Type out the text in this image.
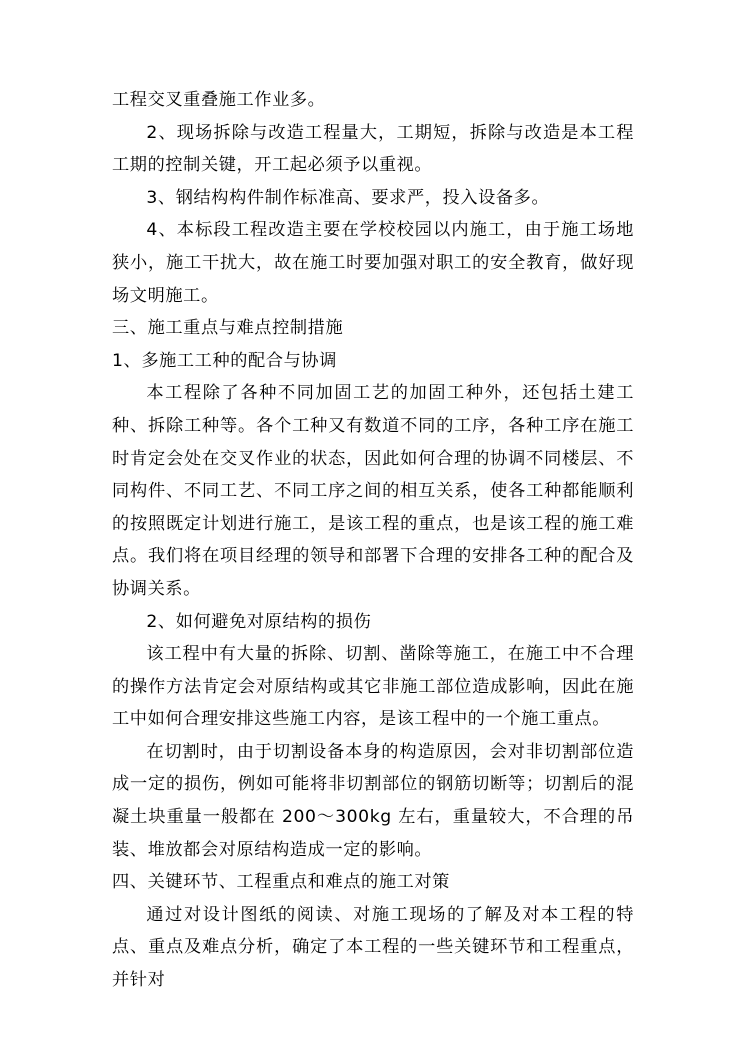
工程交叉重叠施工作业多。

2、现场拆除与改造工程量大，工期短，拆除与改造是本工程工期的控制关键，开工起必须予以重视。

3、钢结构构件制作标准高、要求严，投入设备多。

4、本标段工程改造主要在学校校园以内施工，由于施工场地狭小，施工干扰大，故在施工时要加强对职工的安全教育，做好现场文明施工。

三、施工重点与难点控制措施

1、多施工工种的配合与协调

本工程除了各种不同加固工艺的加固工种外，还包括土建工种、拆除工种等。各个工种又有数道不同的工序，各种工序在施工时肯定会处在交叉作业的状态，因此如何合理的协调不同楼层、不同构件、不同工艺、不同工序之间的相互关系，使各工种都能顺利的按照既定计划进行施工，是该工程的重点，也是该工程的施工难点。我们将在项目经理的领导和部署下合理的安排各工种的配合及协调关系。

2、如何避免对原结构的损伤

该工程中有大量的拆除、切割、凿除等施工，在施工中不合理的操作方法肯定会对原结构或其它非施工部位造成影响，因此在施工中如何合理安排这些施工内容，是该工程中的一个施工重点。

在切割时，由于切割设备本身的构造原因，会对非切割部位造成一定的损伤，例如可能将非切割部位的钢筋切断等；切割后的混凝土块重量一般都在 200～300kg 左右，重量较大，不合理的吊装、堆放都会对原结构造成一定的影响。

四、关键环节、工程重点和难点的施工对策

通过对设计图纸的阅读、对施工现场的了解及对本工程的特点、重点及难点分析，确定了本工程的一些关键环节和工程重点，并针对
